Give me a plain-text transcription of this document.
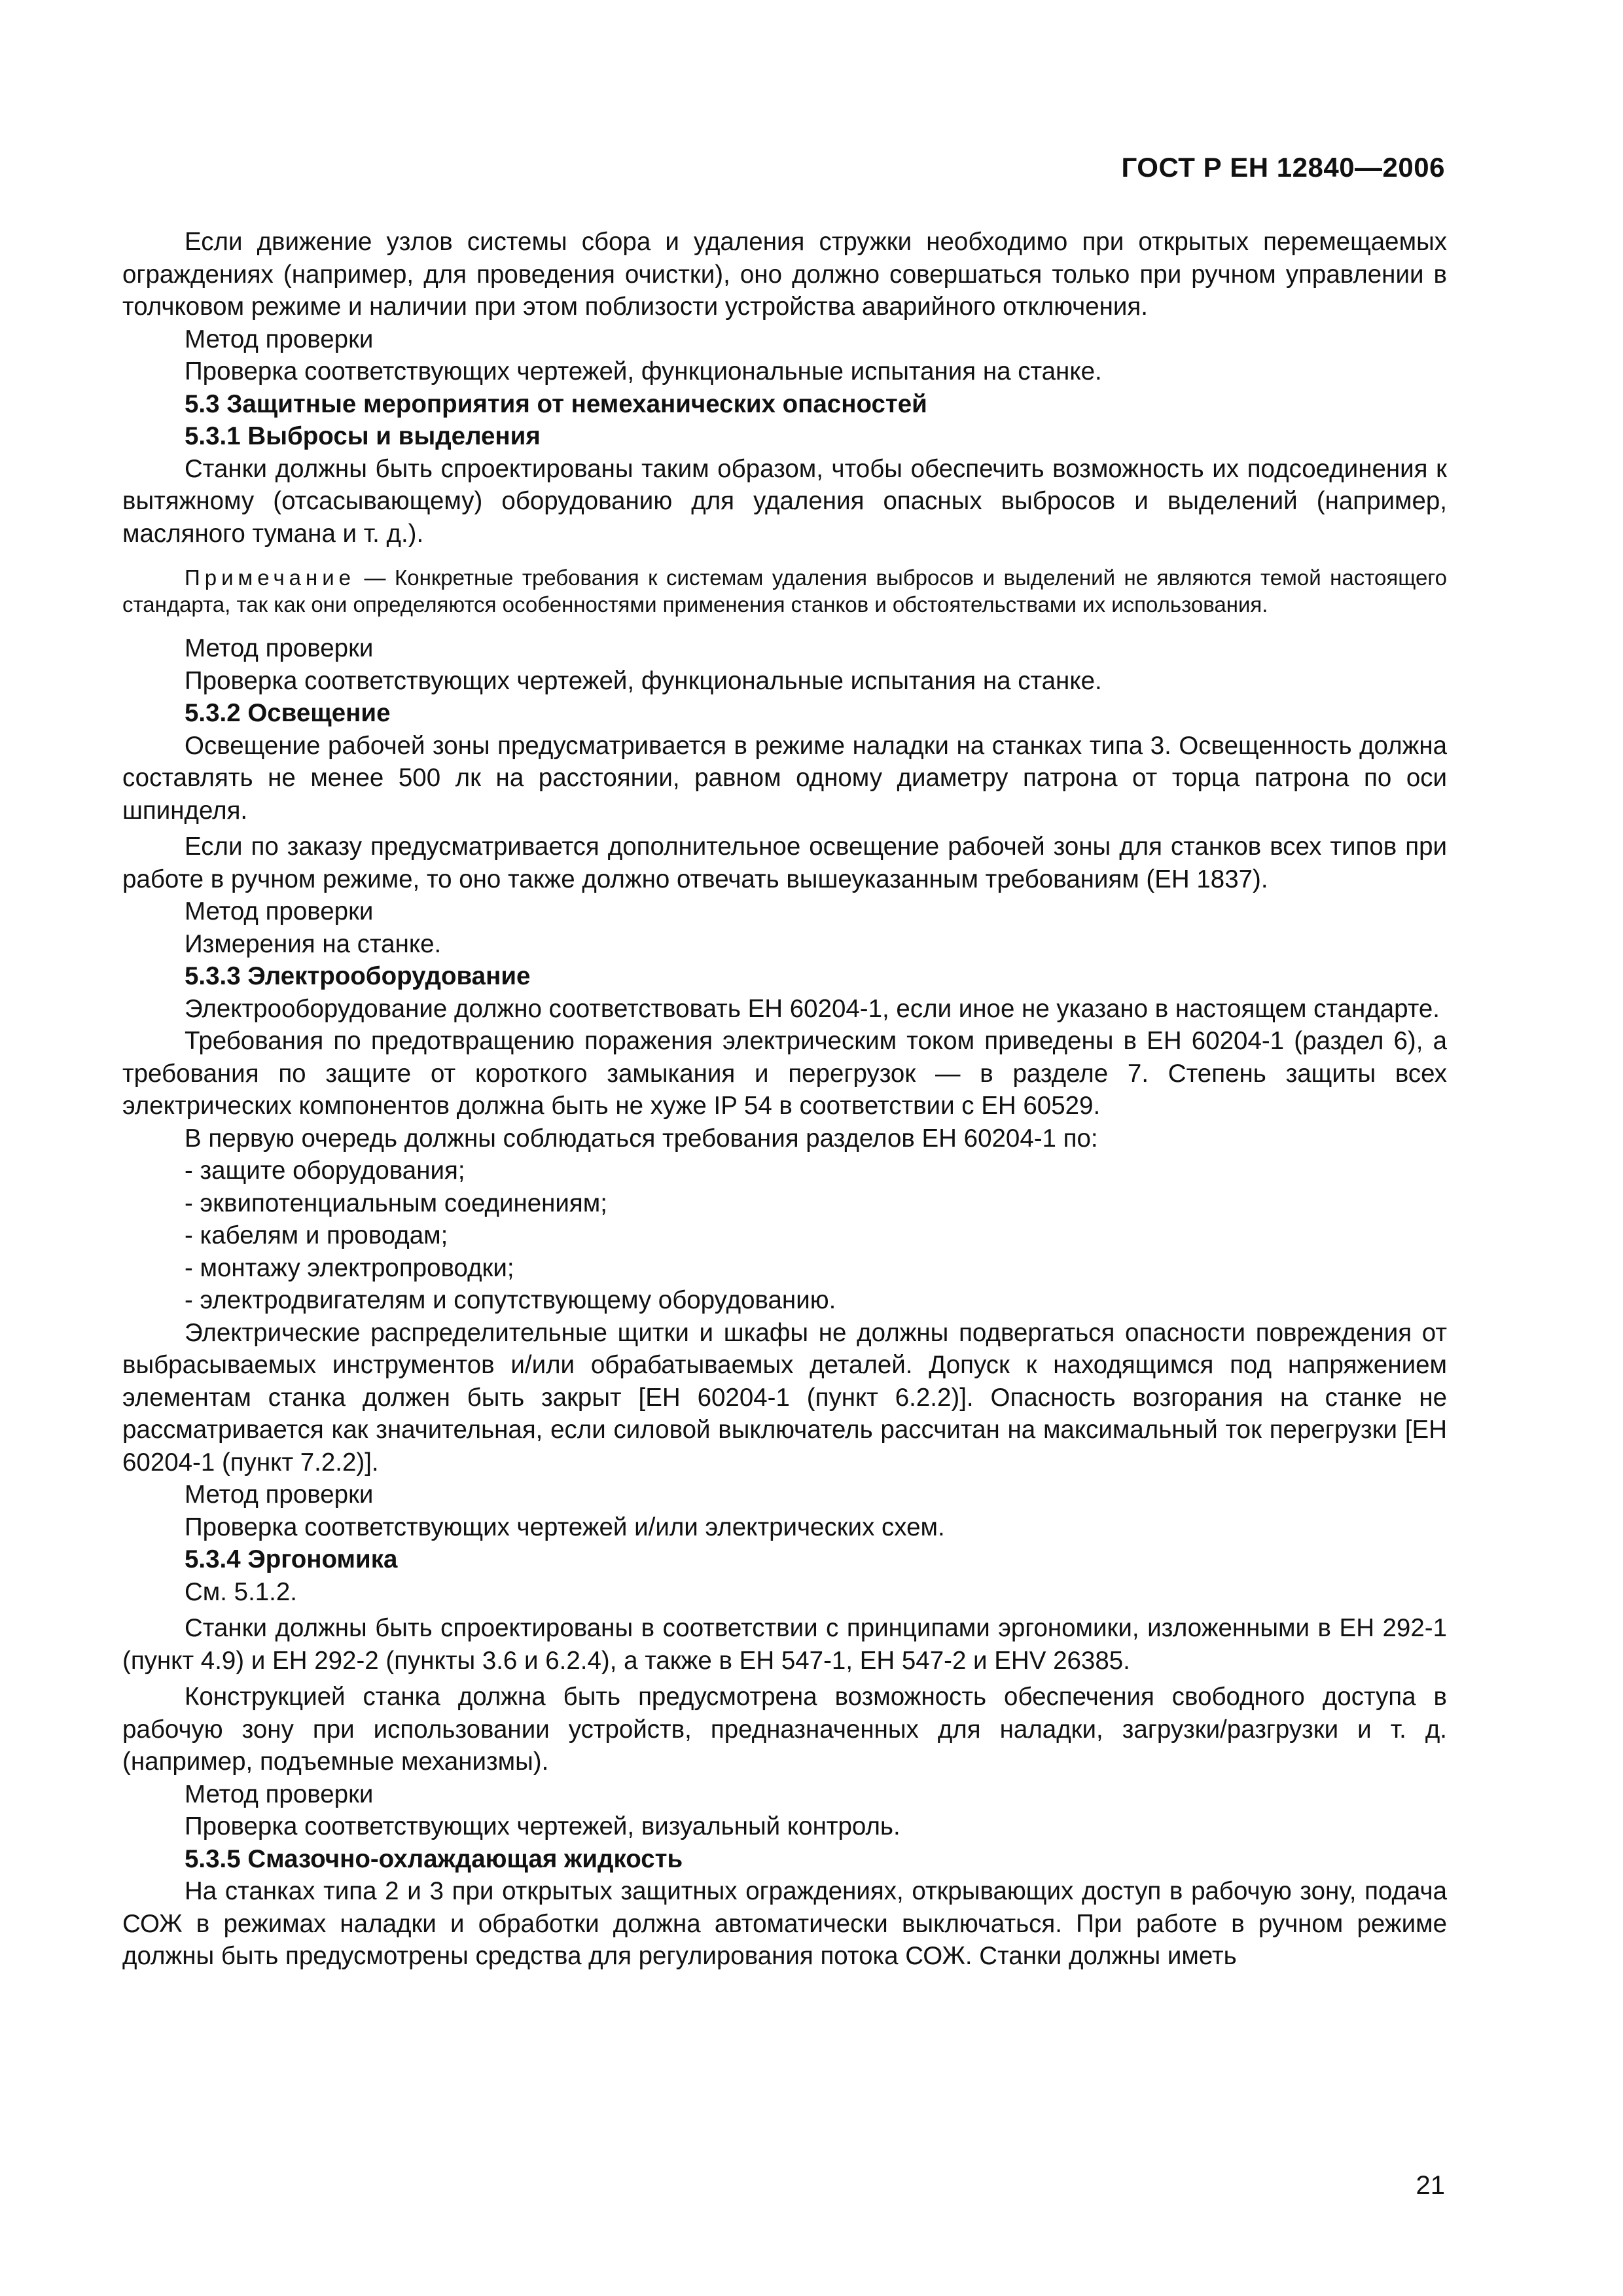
ГОСТ Р ЕН 12840—2006

Если движение узлов системы сбора и удаления стружки необходимо при открытых перемещаемых ограждениях (например, для проведения очистки), оно должно совершаться только при ручном управлении в толчковом режиме и наличии при этом поблизости устройства аварийного отключения.

Метод проверки

Проверка соответствующих чертежей, функциональные испытания на станке.

5.3 Защитные мероприятия от немеханических опасностей

5.3.1 Выбросы и выделения

Станки должны быть спроектированы таким образом, чтобы обеспечить возможность их подсоединения к вытяжному (отсасывающему) оборудованию для удаления опасных выбросов и выделений (например, масляного тумана и т. д.).

Примечание — Конкретные требования к системам удаления выбросов и выделений не являются темой настоящего стандарта, так как они определяются особенностями применения станков и обстоятельствами их использования.

Метод проверки

Проверка соответствующих чертежей, функциональные испытания на станке.

5.3.2 Освещение

Освещение рабочей зоны предусматривается в режиме наладки на станках типа 3. Освещенность должна составлять не менее 500 лк на расстоянии, равном одному диаметру патрона от торца патрона по оси шпинделя.

Если по заказу предусматривается дополнительное освещение рабочей зоны для станков всех типов при работе в ручном режиме, то оно также должно отвечать вышеуказанным требованиям (ЕН 1837).

Метод проверки

Измерения на станке.

5.3.3 Электрооборудование

Электрооборудование должно соответствовать ЕН 60204-1, если иное не указано в настоящем стандарте.

Требования по предотвращению поражения электрическим током приведены в ЕН 60204-1 (раздел 6), а требования по защите от короткого замыкания и перегрузок — в разделе 7. Степень защиты всех электрических компонентов должна быть не хуже IP 54 в соответствии с ЕН 60529.

В первую очередь должны соблюдаться требования разделов ЕН 60204-1 по:

- защите оборудования;

- эквипотенциальным соединениям;

- кабелям и проводам;

- монтажу электропроводки;

- электродвигателям и сопутствующему оборудованию.

Электрические распределительные щитки и шкафы не должны подвергаться опасности повреждения от выбрасываемых инструментов и/или обрабатываемых деталей. Допуск к находящимся под напряжением элементам станка должен быть закрыт [ЕН 60204-1 (пункт 6.2.2)]. Опасность возгорания на станке не рассматривается как значительная, если силовой выключатель рассчитан на максимальный ток перегрузки [ЕН 60204-1 (пункт 7.2.2)].

Метод проверки

Проверка соответствующих чертежей и/или электрических схем.

5.3.4 Эргономика

См. 5.1.2.

Станки должны быть спроектированы в соответствии с принципами эргономики, изложенными в ЕН 292-1 (пункт 4.9) и ЕН 292-2 (пункты 3.6 и 6.2.4), а также в ЕН 547-1, ЕН 547-2 и EHV 26385.

Конструкцией станка должна быть предусмотрена возможность обеспечения свободного доступа в рабочую зону при использовании устройств, предназначенных для наладки, загрузки/разгрузки и т. д. (например, подъемные механизмы).

Метод проверки

Проверка соответствующих чертежей, визуальный контроль.

5.3.5 Смазочно-охлаждающая жидкость

На станках типа 2 и 3 при открытых защитных ограждениях, открывающих доступ в рабочую зону, подача СОЖ в режимах наладки и обработки должна автоматически выключаться. При работе в ручном режиме должны быть предусмотрены средства для регулирования потока СОЖ. Станки должны иметь

21
